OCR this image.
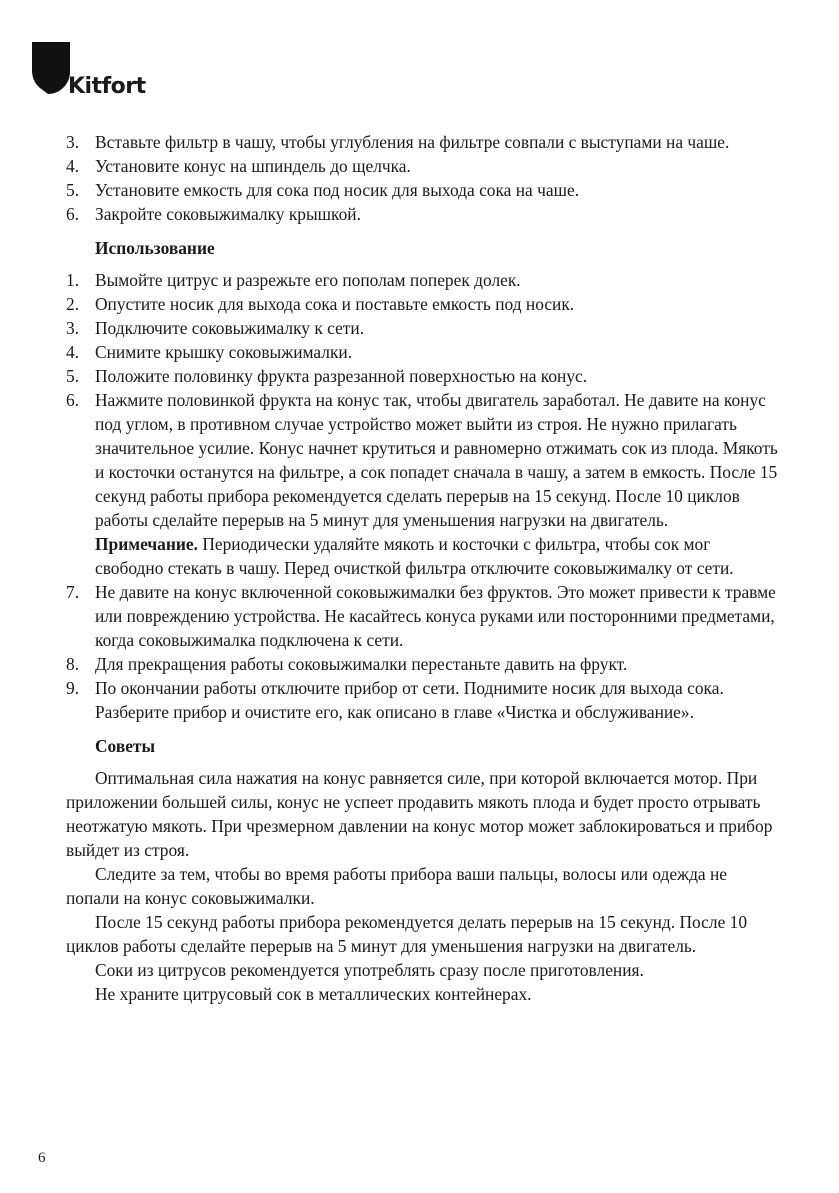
Kitfort
3. Вставьте фильтр в чашу, чтобы углубления на фильтре совпали с выступами на чаше.
4. Установите конус на шпиндель до щелчка.
5. Установите емкость для сока под носик для выхода сока на чаше.
6. Закройте соковыжималку крышкой.
Использование
1. Вымойте цитрус и разрежьте его пополам поперек долек.
2. Опустите носик для выхода сока и поставьте емкость под носик.
3. Подключите соковыжималку к сети.
4. Снимите крышку соковыжималки.
5. Положите половинку фрукта разрезанной поверхностью на конус.
6. Нажмите половинкой фрукта на конус так, чтобы двигатель заработал. Не давите на конус под углом, в противном случае устройство может выйти из строя. Не нужно прилагать значительное усилие. Конус начнет крутиться и равномерно отжимать сок из плода. Мякоть и косточки останутся на фильтре, а сок попадет сначала в чашу, а затем в емкость. После 15 секунд работы прибора рекомендуется сделать перерыв на 15 секунд. После 10 циклов работы сделайте перерыв на 5 минут для уменьшения нагрузки на двигатель.
Примечание. Периодически удаляйте мякоть и косточки с фильтра, чтобы сок мог свободно стекать в чашу. Перед очисткой фильтра отключите соковыжималку от сети.
7. Не давите на конус включенной соковыжималки без фруктов. Это может привести к травме или повреждению устройства. Не касайтесь конуса руками или посторонними предметами, когда соковыжималка подключена к сети.
8. Для прекращения работы соковыжималки перестаньте давить на фрукт.
9. По окончании работы отключите прибор от сети. Поднимите носик для выхода сока. Разберите прибор и очистите его, как описано в главе «Чистка и обслуживание».
Советы

Оптимальная сила нажатия на конус равняется силе, при которой включается мотор. При приложении большей силы, конус не успеет продавить мякоть плода и будет просто отрывать неотжатую мякоть. При чрезмерном давлении на конус мотор может заблокироваться и прибор выйдет из строя.

Следите за тем, чтобы во время работы прибора ваши пальцы, волосы или одежда не попали на конус соковыжималки.

После 15 секунд работы прибора рекомендуется делать перерыв на 15 секунд. После 10 циклов работы сделайте перерыв на 5 минут для уменьшения нагрузки на двигатель.

Соки из цитрусов рекомендуется употреблять сразу после приготовления.

Не храните цитрусовый сок в металлических контейнерах.

6
